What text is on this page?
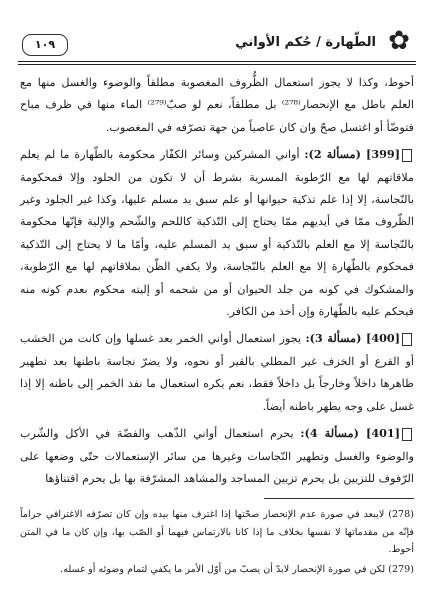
✿
الطّهارة / حُكم الأواني
۱۰۹

أحوط، وكذا لا يجوز استعمال الظُّروف المغصوبة مطلقاً والوضوء والغسل منها مع العلم باطل مع الإنحصار⁽²⁷⁸⁾ بل مطلقاً، نعم لو صبّ⁽²⁷⁹⁾ الماء منها في ظرف مباح فتوضّأ أو اغتسل صحّ وان كان عاصياً من جهة تصرّفه في المغصوب.

[399] (مسألة 2): أواني المشركين وسائر الكفّار محكومة بالطّهارة ما لم يعلم ملاقاتهم لها مع الرّطوبة المسرية بشرط أن لا تكون من الجلود وإلا فمحكومة بالنّجاسة، إلا إذا علم تذكية حيوانها أو علم سبق يد مسلم عليها، وكذا غير الجلود وغير الظّروف ممّا في أيديهم ممّا يحتاج إلى التّذكية كاللحم والشّحم والإلية فإنّها محكومة بالنّجاسة إلا مع العلم بالتّذكية أو سبق يد المسلم عليه، وأمّا ما لا يحتاج إلى التّذكية فمحكوم بالطّهارة إلا مع العلم بالنّجاسة، ولا يكفي الظّن بملاقاتهم لها مع الرّطوبة، والمشكوك في كونه من جلد الحيوان أو من شحمه أو إليته محكوم بعدم كونه منه فيحكم عليه بالطّهارة وإن أخذ من الكافر.

[400] (مسألة 3): يجوز استعمال أواني الخمر بعد غسلها وإن كانت من الخشب أو القرع أو الخزف غير المطلي بالقير أو نحوه، ولا يضرّ نجاسة باطنها بعد تطهير ظاهرها داخلاً وخارجاً بل داخلاً فقط، نعم يكره استعمال ما نفذ الخمر إلى باطنه إلا إذا غسل على وجه يطهر باطنه أيضاً.

[401] (مسألة 4): يحرم استعمال أواني الذّهب والفضّة في الأكل والشّرب والوضوء والغسل وتطهير النّجاسات وغيرها من سائر الإستعمالات حتّى وضعها على الرّفوف للتزيين بل يحرم تزيين المساجد والمشاهد المشرّفة بها بل يحرم اقتناؤها

(278) لايبعد في صورة عدم الإنحصار صحّتها إذا اغترف منها بيده وإن كان تصرّفه الاغترافي حراماً فإنّه من مقدماتها لا نفسها بخلاف ما إذا كانا بالارتماس فيهما أو الصّب بها، وإن كان ما في المتن أحوط.

(279) لكن في صورة الإنحصار لابدّ أن يصبّ من أوّل الأمر ما يكفي لتمام وضوئه أو غسله.
